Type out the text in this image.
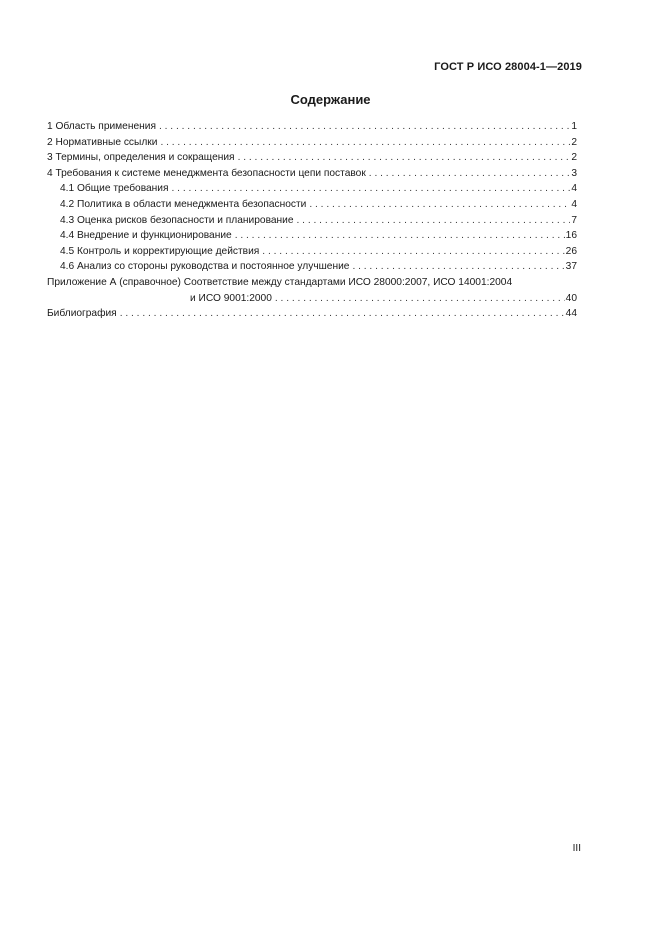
ГОСТ Р ИСО 28004-1—2019
Содержание
1 Область применения . . .	1
2 Нормативные ссылки . . .	2
3 Термины, определения и сокращения . . .	2
4 Требования к системе менеджмента безопасности цепи поставок . . .	3
4.1 Общие требования . . .	4
4.2 Политика в области менеджмента безопасности . . .	4
4.3 Оценка рисков безопасности и планирование . . .	7
4.4 Внедрение и функционирование . . .	16
4.5 Контроль и корректирующие действия . . .	26
4.6 Анализ со стороны руководства и постоянное улучшение . . .	37
Приложение А (справочное) Соответствие между стандартами ИСО 28000:2007, ИСО 14001:2004
и ИСО 9001:2000 . . .	40
Библиография . . .	44
III
